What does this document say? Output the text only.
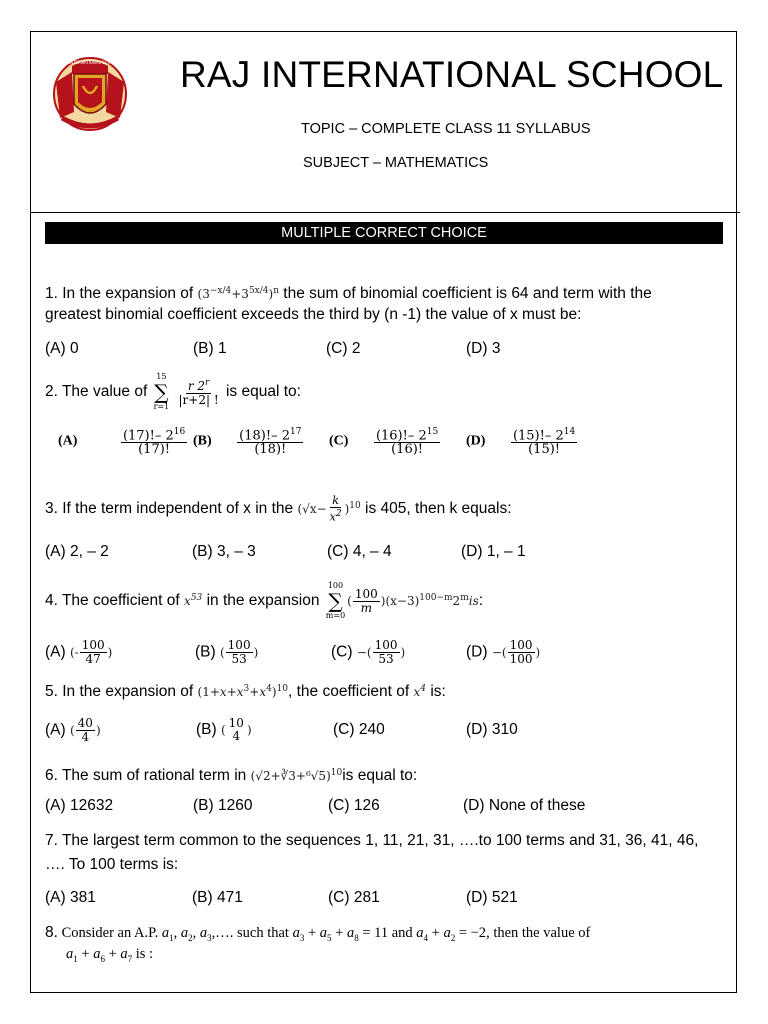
RAJ INTERNATIONAL SCHOOL RAJ INTERNATIONAL SCHOOL
TOPIC – COMPLETE CLASS 11 SYLLABUS
SUBJECT – MATHEMATICS
MULTIPLE CORRECT CHOICE
1. In the expansion of $(3^{-x/4}+3^{5x/4})^n$ the sum of binomial coefficient is 64 and term with the
greatest binomial coefficient exceeds the third by (n -1) the value of x must be:
(A) 0	(B) 1	(C) 2	(D) 3
2. The value of
15
∑
r=1
$\frac{r 2^r}{|r+2| !}$ is equal to:
(A)	$\frac{(17)!- 2^{16}}{(17)!} (B) \frac{(18)!- 2^{17}}{(18)!} (C) \frac{(16)!- 2^{15}}{(16)!} (D) \frac{(15)!- 2^{14}}{(15)!}$
3. If the term independent of x in the $(√x- \frac{k}{x^2} )^{10}$ is 405, then k equals:
(A) 2, – 2	(B) 3, – 3	(C) 4, – 4	(D) 1, – 1
4. The coefficient of $x^{53}$ in the expansion
100
∑
m=0
( $\frac{100}{m} )(x-3)^{100-m}2^mis$:
(A) (- $\frac{100}{47}$ )	(B) ( $\frac{100}{53}$ )	(C) −( $\frac{100}{53}$ )	(D) −( $\frac{100}{100}$ )
5. In the expansion of $(1+x+x^3+x^4)^{10}$, the coefficient of $x^4$ is:
(A) ( $\frac{40}{4}$ )	(B) (
10
4 )	(C) 240	(D) 310
6. The sum of rational term in (√2+∛3+⁶√5)$^{10}$is equal to:
(A) 12632	(B) 1260	(C) 126	(D) None of these
7. The largest term common to the sequences 1, 11, 21, 31, ….to 100 terms and 31, 36, 41, 46,
…. To 100 terms is:
(A) 381	(B) 471	(C) 281	(D) 521
8. Consider an A.P. $a_1$, $a_2$, $a_3,\dots$. such that $a_3 + a_5 + a_8 = 11$ and $a_4 + a_2 = -2$, then the value of
$a_1 + a_6 + a_7$ is :
